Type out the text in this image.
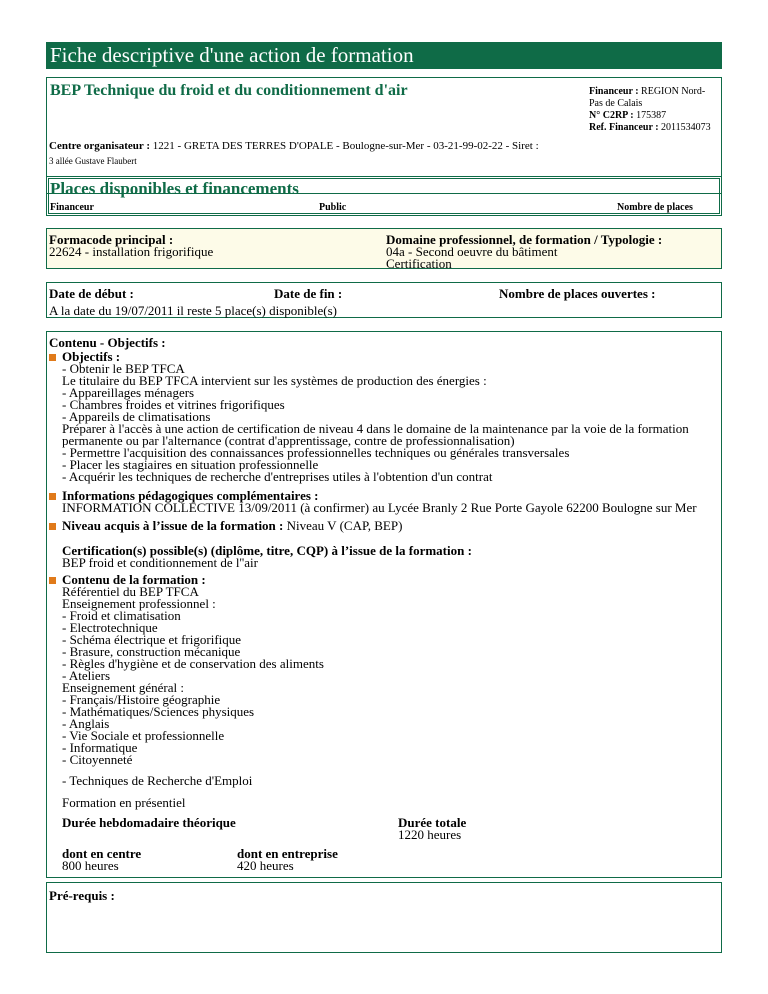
Fiche descriptive d'une action de formation
BEP Technique du froid et du conditionnement d'air	Financeur : REGION Nord-
Pas de Calais
N° C2RP : 175387
Ref. Financeur : 2011534073
Centre organisateur : 1221 - GRETA DES TERRES D'OPALE - Boulogne-sur-Mer - 03-21-99-02-22 - Siret :
3 allée Gustave Flaubert
Places disponibles et financements
Financeur	Public	Nombre de places
Formacode principal :
22624 - installation frigorifique
Domaine professionnel, de formation / Typologie :
04a - Second oeuvre du bâtiment
Certification
Date de début :	Date de fin :	Nombre de places ouvertes :
A la date du 19/07/2011 il reste 5 place(s) disponible(s)
Contenu - Objectifs :
Objectifs :
- Obtenir le BEP TFCA
Le titulaire du BEP TFCA intervient sur les systèmes de production des énergies :
- Appareillages ménagers
- Chambres froides et vitrines frigorifiques
- Appareils de climatisations
Préparer à l'accès à une action de certification de niveau 4 dans le domaine de la maintenance par la voie de la formation
permanente ou par l'alternance (contrat d'apprentissage, contre de professionnalisation)
- Permettre l'acquisition des connaissances professionnelles techniques ou générales transversales
- Placer les stagiaires en situation professionnelle
- Acquérir les techniques de recherche d'entreprises utiles à l'obtention d'un contrat
Informations pédagogiques complémentaires :
INFORMATION COLLECTIVE 13/09/2011 (à confirmer) au Lycée Branly 2 Rue Porte Gayole 62200 Boulogne sur Mer
Niveau acquis à l’issue de la formation : Niveau V (CAP, BEP)
Certification(s) possible(s) (diplôme, titre, CQP) à l’issue de la formation :
BEP froid et conditionnement de l''air
Contenu de la formation :
Référentiel du BEP TFCA
Enseignement professionnel :
- Froid et climatisation
- Electrotechnique
- Schéma électrique et frigorifique
- Brasure, construction mécanique
- Règles d'hygiène et de conservation des aliments
- Ateliers
Enseignement général :
- Français/Histoire géographie
- Mathématiques/Sciences physiques
- Anglais
- Vie Sociale et professionnelle
- Informatique
- Citoyenneté
- Techniques de Recherche d'Emploi
Formation en présentiel
Durée hebdomadaire théorique	Durée totale
1220 heures
dont en centre
800 heures
dont en entreprise
420 heures
Pré-requis :
